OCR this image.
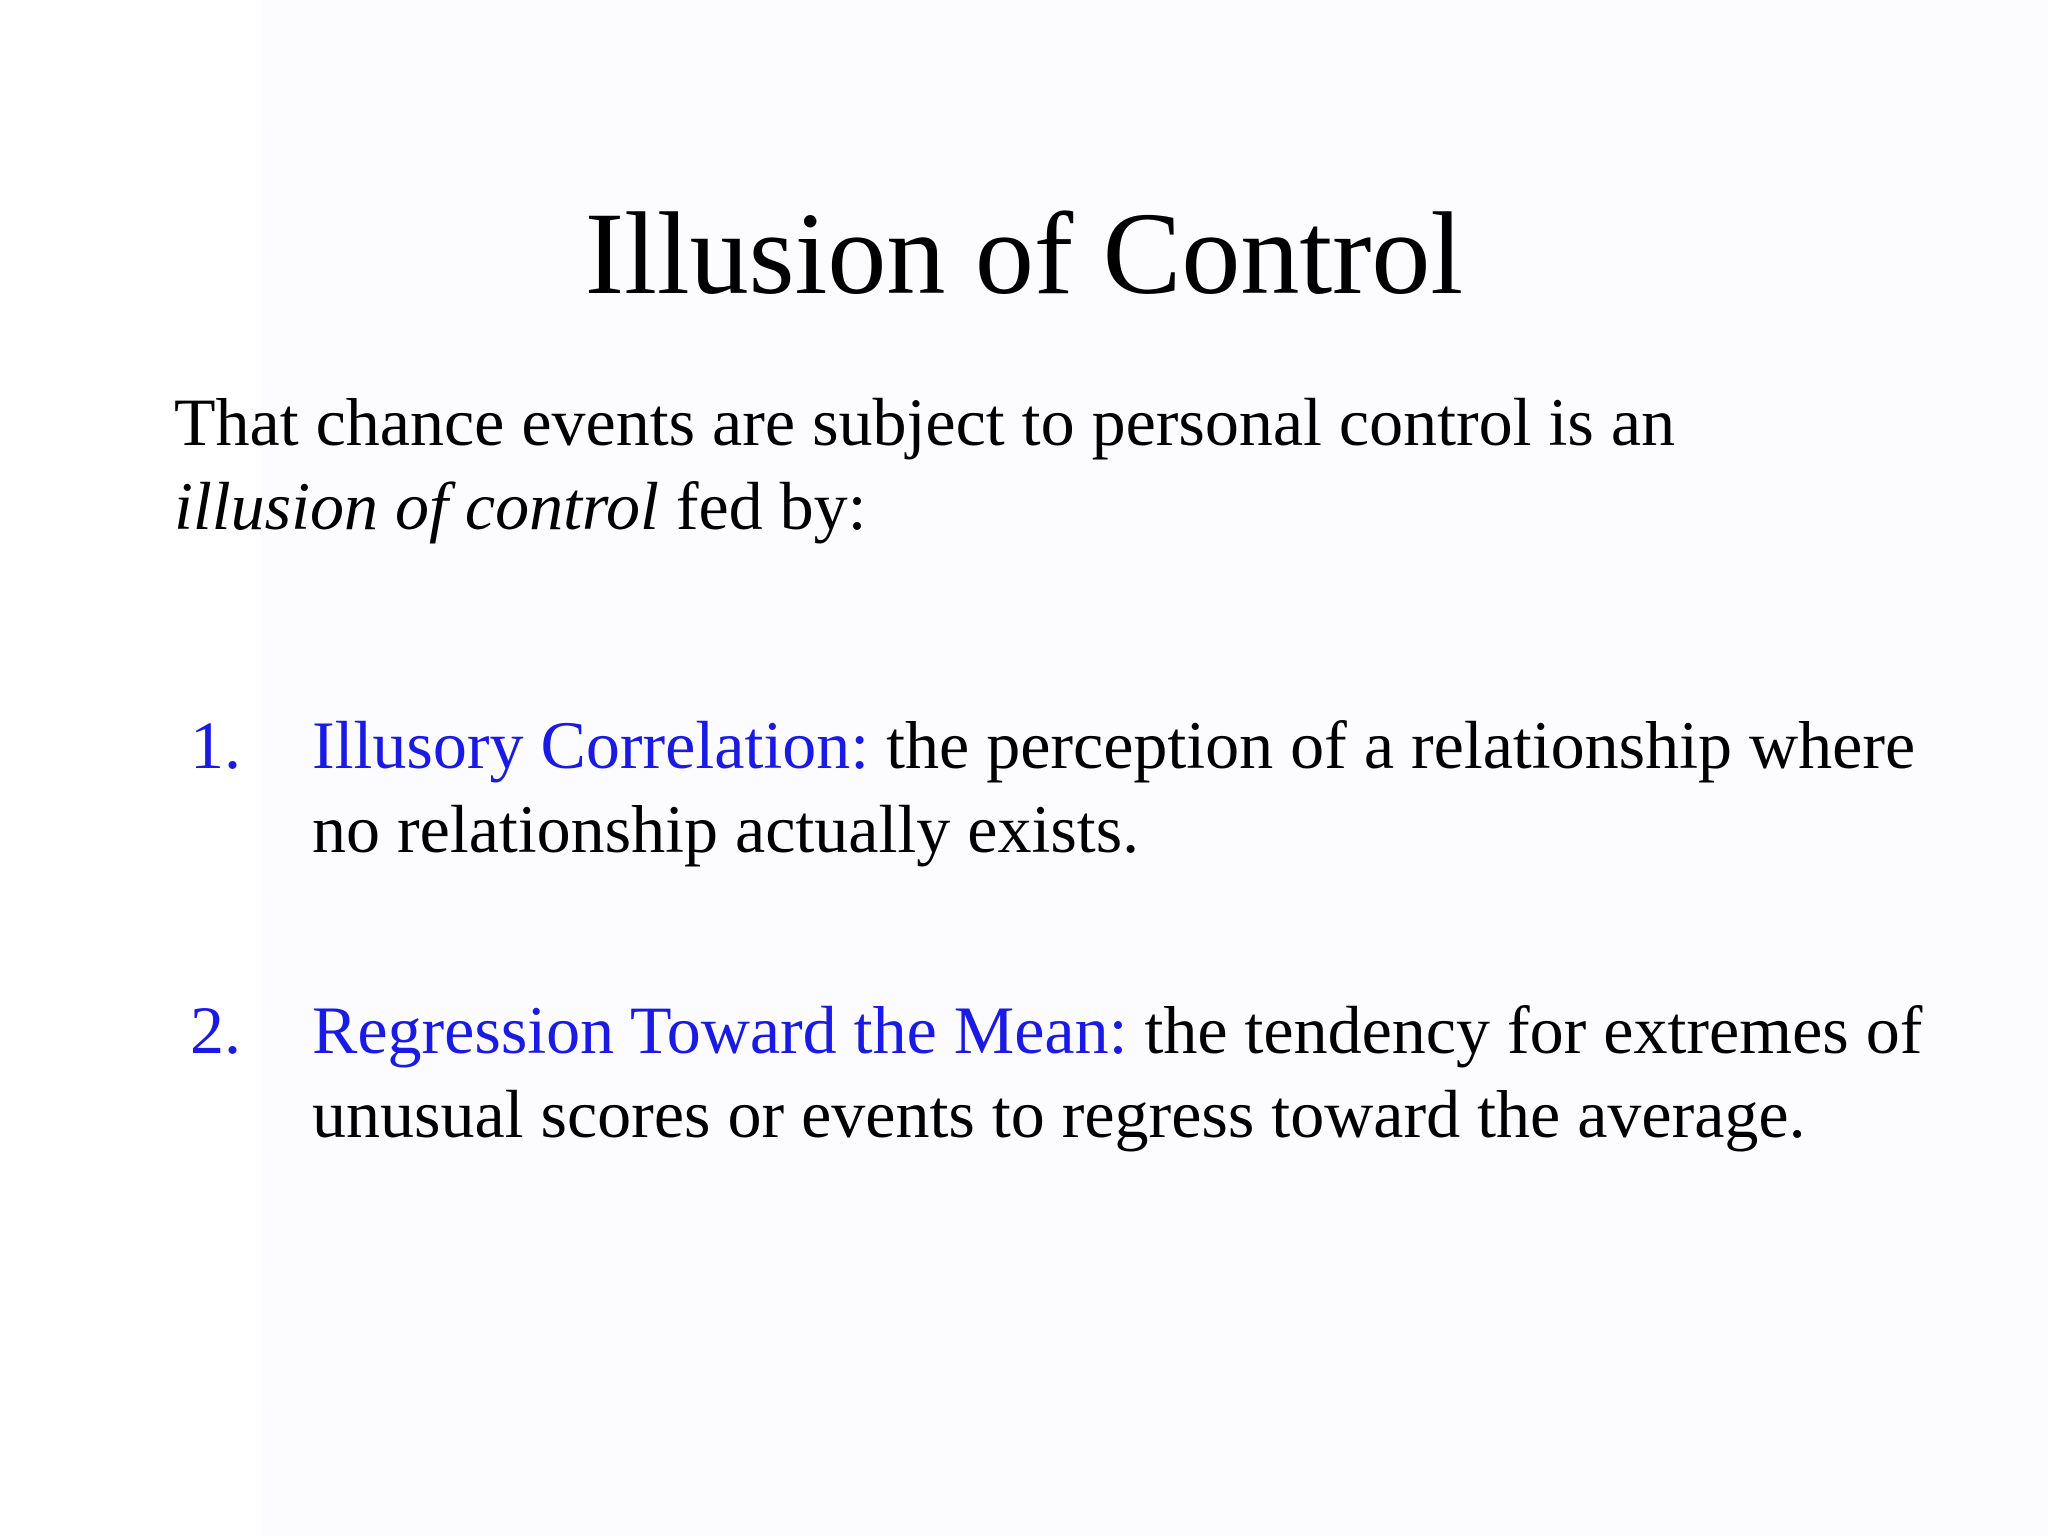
Illusion of Control
That chance events are subject to personal control is an
illusion of control fed by:
1. Illusory Correlation: the perception of a relationship where no relationship actually exists.
2. Regression Toward the Mean: the tendency for extremes of unusual scores or events to regress toward the average.
